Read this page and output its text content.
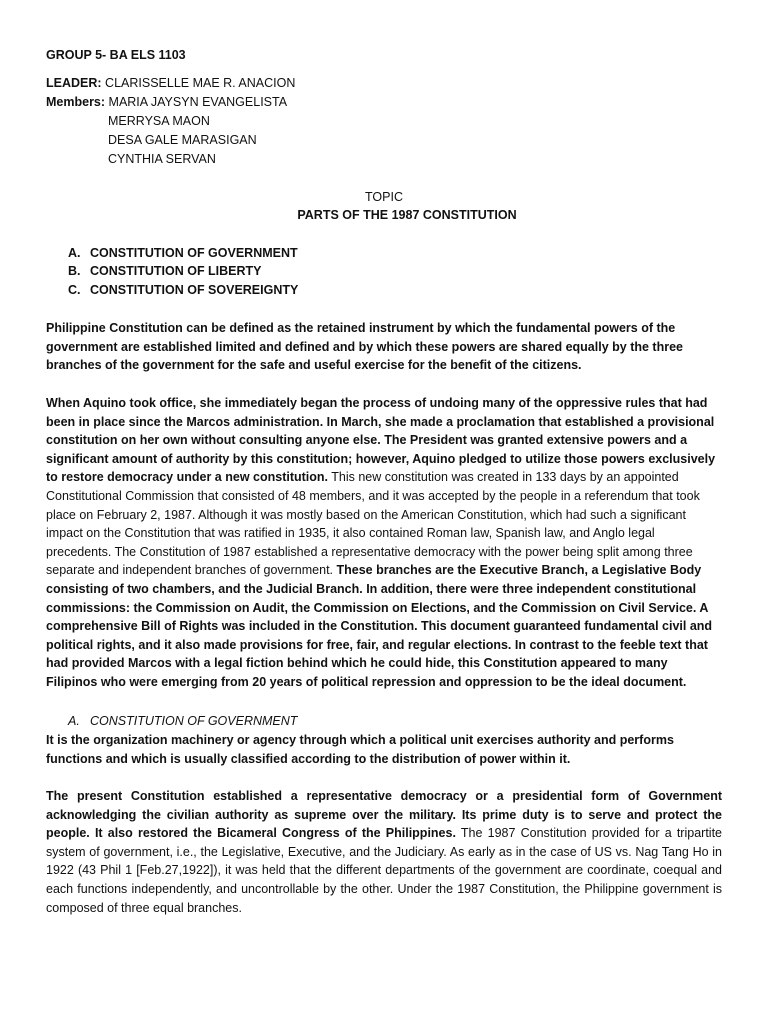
GROUP 5- BA ELS 1103
LEADER: CLARISSELLE MAE R. ANACION
Members: MARIA JAYSYN EVANGELISTA
MERRYSA MAON
DESA GALE MARASIGAN
CYNTHIA SERVAN
TOPIC
PARTS OF THE 1987 CONSTITUTION
A. CONSTITUTION OF GOVERNMENT
B. CONSTITUTION OF LIBERTY
C. CONSTITUTION OF SOVEREIGNTY

Philippine Constitution can be defined as the retained instrument by which the fundamental powers of the government are established limited and defined and by which these powers are shared equally by the three branches of the government for the safe and useful exercise for the benefit of the citizens.

When Aquino took office, she immediately began the process of undoing many of the oppressive rules that had been in place since the Marcos administration. In March, she made a proclamation that established a provisional constitution on her own without consulting anyone else. The President was granted extensive powers and a significant amount of authority by this constitution; however, Aquino pledged to utilize those powers exclusively to restore democracy under a new constitution. This new constitution was created in 133 days by an appointed Constitutional Commission that consisted of 48 members, and it was accepted by the people in a referendum that took place on February 2, 1987. Although it was mostly based on the American Constitution, which had such a significant impact on the Constitution that was ratified in 1935, it also contained Roman law, Spanish law, and Anglo legal precedents. The Constitution of 1987 established a representative democracy with the power being split among three separate and independent branches of government. These branches are the Executive Branch, a Legislative Body consisting of two chambers, and the Judicial Branch. In addition, there were three independent constitutional commissions: the Commission on Audit, the Commission on Elections, and the Commission on Civil Service. A comprehensive Bill of Rights was included in the Constitution. This document guaranteed fundamental civil and political rights, and it also made provisions for free, fair, and regular elections. In contrast to the feeble text that had provided Marcos with a legal fiction behind which he could hide, this Constitution appeared to many Filipinos who were emerging from 20 years of political repression and oppression to be the ideal document.

A. CONSTITUTION OF GOVERNMENT

It is the organization machinery or agency through which a political unit exercises authority and performs functions and which is usually classified according to the distribution of power within it.

The present Constitution established a representative democracy or a presidential form of Government acknowledging the civilian authority as supreme over the military. Its prime duty is to serve and protect the people. It also restored the Bicameral Congress of the Philippines. The 1987 Constitution provided for a tripartite system of government, i.e., the Legislative, Executive, and the Judiciary. As early as in the case of US vs. Nag Tang Ho in 1922 (43 Phil 1 [Feb.27,1922]), it was held that the different departments of the government are coordinate, coequal and each functions independently, and uncontrollable by the other. Under the 1987 Constitution, the Philippine government is composed of three equal branches.
